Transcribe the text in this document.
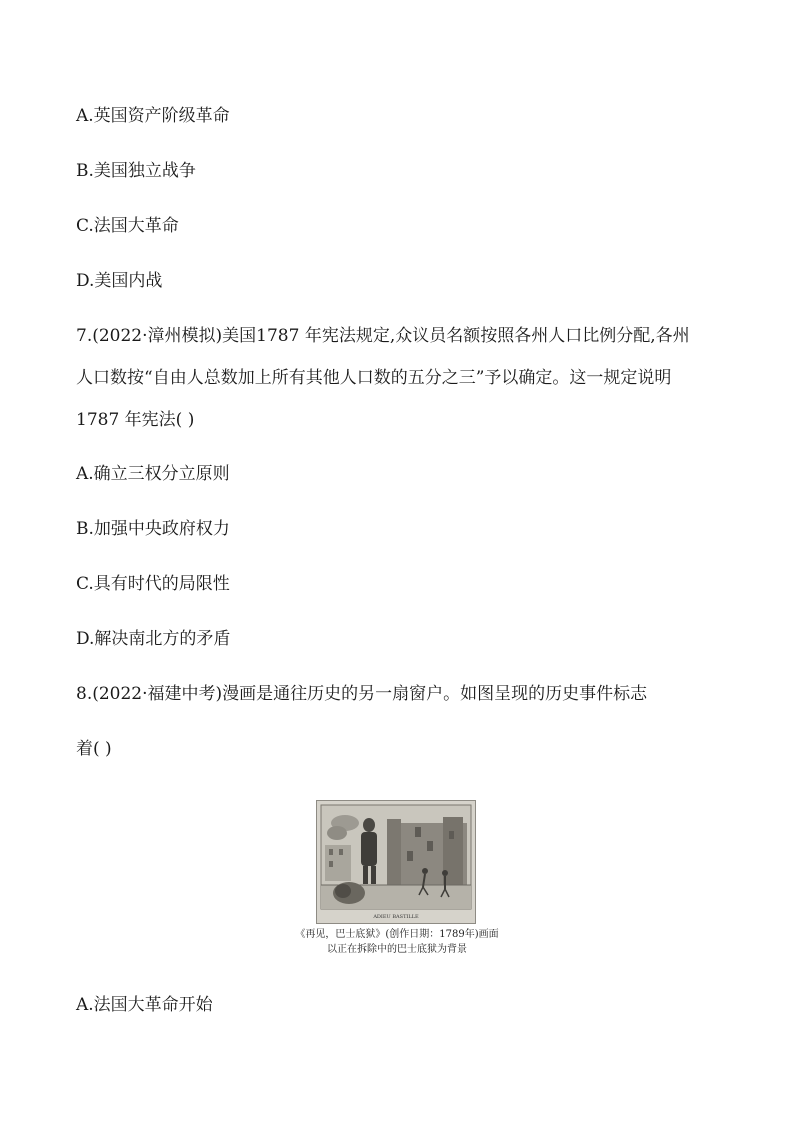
A.英国资产阶级革命
B.美国独立战争
C.法国大革命
D.美国内战
7.(2022·漳州模拟)美国1787 年宪法规定,众议员名额按照各州人口比例分配,各州
人口数按“自由人总数加上所有其他人口数的五分之三”予以确定。这一规定说明
1787 年宪法( )
A.确立三权分立原则
B.加强中央政府权力
C.具有时代的局限性
D.解决南北方的矛盾
8.(2022·福建中考)漫画是通往历史的另一扇窗户。如图呈现的历史事件标志
着( )
ADIEU BASTILLE
《再见，巴士底狱》(创作日期：1789年)画面
以正在拆除中的巴士底狱为背景
A.法国大革命开始
